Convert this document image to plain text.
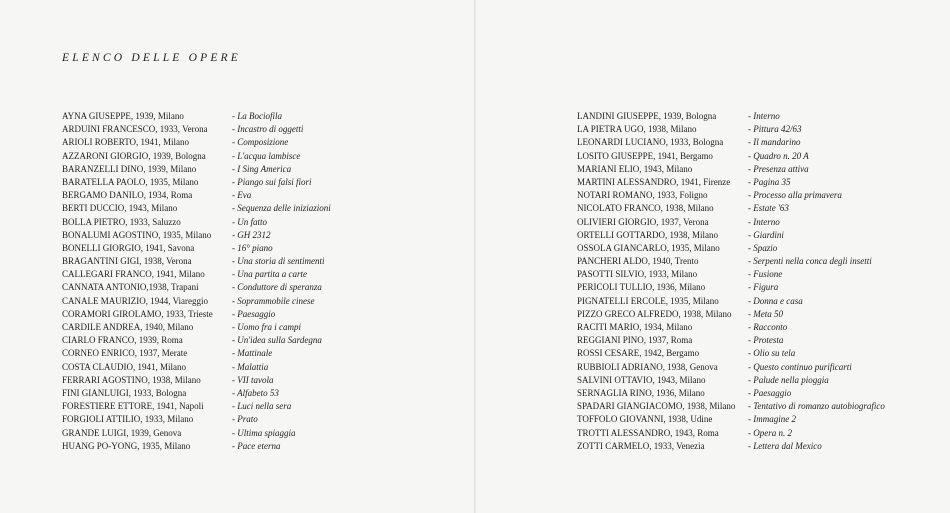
ELENCO DELLE OPERE
AYNA GIUSEPPE, 1939, Milano	- La Bociofila
ARDUINI FRANCESCO, 1933, Verona	- Incastro di oggetti
ARIOLI ROBERTO, 1941, Milano	- Composizione
AZZARONI GIORGIO, 1939, Bologna	- L'acqua lambisce
BARANZELLI DINO, 1939, Milano	- I Sing America
BARATELLA PAOLO, 1935, Milano	- Piango sui falsi fiori
BERGAMO DANILO, 1934, Roma	- Eva
BERTI DUCCIO, 1943, Milano	- Sequenza delle iniziazioni
BOLLA PIETRO, 1933, Saluzzo	- Un fatto
BONALUMI AGOSTINO, 1935, Milano - GH 2312
BONELLI GIORGIO, 1941, Savona	- 16° piano
BRAGANTINI GIGI, 1938, Verona	- Una storia di sentimenti
CALLEGARI FRANCO, 1941, Milano	- Una partita a carte
CANNATA ANTONIO,1938, Trapani	- Conduttore di speranza
CANALE MAURIZIO, 1944, Viareggio	- Soprammobile cinese
CORAMORI GIROLAMO, 1933, Trieste - Paesaggio
CARDILE ANDREA, 1940, Milano	- Uomo fra i campi
CIARLO FRANCO, 1939, Roma	- Un'idea sulla Sardegna
CORNEO ENRICO, 1937, Merate	- Mattinale
COSTA CLAUDIO, 1941, Milano	- Malattia
FERRARI AGOSTINO, 1938, Milano	- VII tavola
FINI GIANLUIGI, 1933, Bologna	- Alfabeto 53
FORESTIERE ETTORE, 1941, Napoli	- Luci nella sera
FORGIOLI ATTILIO, 1933, Milano	- Prato
GRANDE LUIGI, 1939, Genova	- Ultima spiaggia
HUANG PO-YONG, 1935, Milano	- Pace eterna
LANDINI GIUSEPPE, 1939, Bologna	- Interno
LA PIETRA UGO, 1938, Milano	- Pittura 42/63
LEONARDI LUCIANO, 1933, Bologna	- Il mandarino
LOSITO GIUSEPPE, 1941, Bergamo	- Quadro n. 20 A
MARIANI ELIO, 1943, Milano	- Presenza attiva
MARTINI ALESSANDRO, 1941, Firenze - Pagina 35
NOTARI ROMANO, 1933, Foligno	- Processo alla primavera
NICOLATO FRANCO, 1938, Milano	- Estate '63
OLIVIERI GIORGIO, 1937, Verona	- Interno
ORTELLI GOTTARDO, 1938, Milano	- Giardini
OSSOLA GIANCARLO, 1935, Milano	- Spazio
PANCHERI ALDO, 1940, Trento	- Serpenti nella conca degli insetti
PASOTTI SILVIO, 1933, Milano	- Fusione
PERICOLI TULLIO, 1936, Milano	- Figura
PIGNATELLI ERCOLE, 1935, Milano	- Donna e casa
PIZZO GRECO ALFREDO, 1938, Milano - Meta 50
RACITI MARIO, 1934, Milano	- Racconto
REGGIANI PINO, 1937, Roma	- Protesta
ROSSI CESARE, 1942, Bergamo	- Olio su tela
RUBBIOLI ADRIANO, 1938, Genova	- Questo continuo purificarti
SALVINI OTTAVIO, 1943, Milano	- Palude nella pioggia
SERNAGLIA RINO, 1936, Milano	- Paesaggio
SPADARI GIANGIACOMO, 1938, Milano - Tentativo di romanzo autobiografico
TOFFOLO GIOVANNI, 1938, Udine	- Immagine 2
TROTTI ALESSANDRO, 1943, Roma	- Opera n. 2
ZOTTI CARMELO, 1933, Venezia	- Lettera dal Mexico
